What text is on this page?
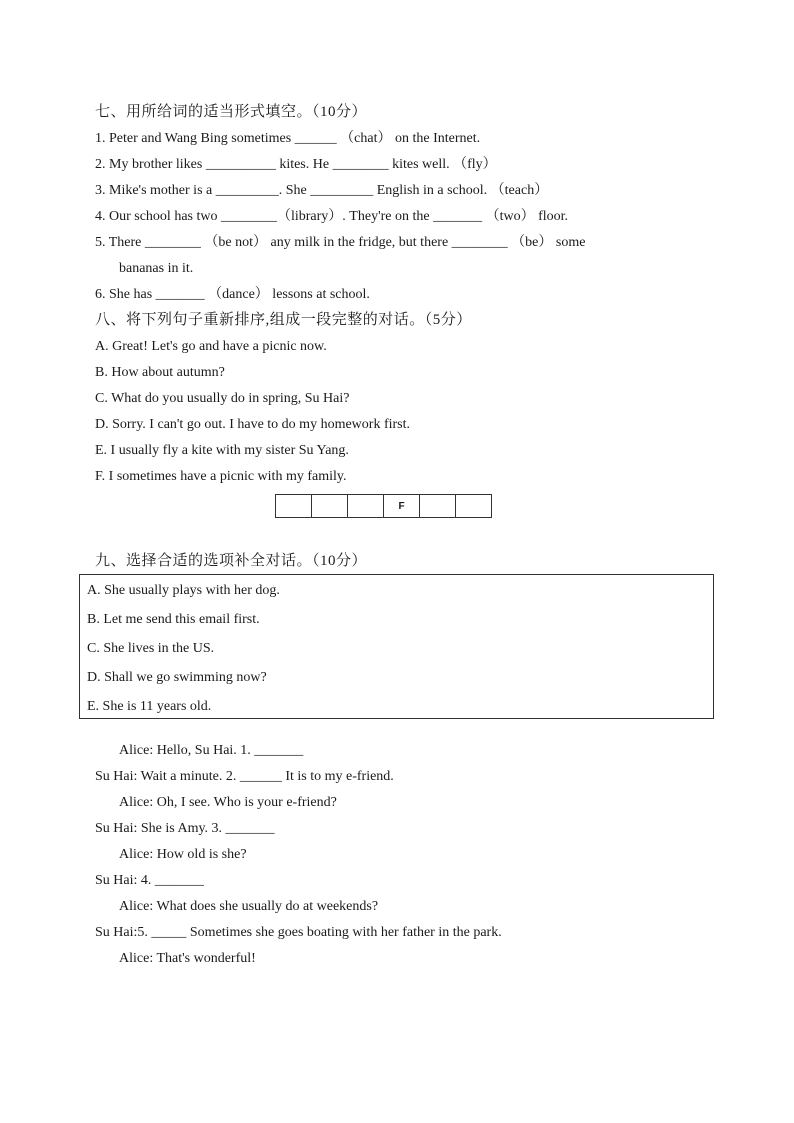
七、用所给词的适当形式填空。（10分）
1. Peter and Wang Bing sometimes ______ （chat） on the Internet.
2. My brother likes __________ kites. He ________ kites well. （fly）
3. Mike's mother is a _________. She _________ English in a school. （teach）
4. Our school has two ________（library）. They're on the _______ （two） floor.
5. There ________ （be not） any milk in the fridge, but there ________ （be） some
bananas in it.
6. She has _______ （dance） lessons at school.
八、将下列句子重新排序,组成一段完整的对话。（5分）
A. Great! Let's go and have a picnic now.
B. How about autumn?
C. What do you usually do in spring, Su Hai?
D. Sorry. I can't go out. I have to do my homework first.
E. I usually fly a kite with my sister Su Yang.
F. I sometimes have a picnic with my family.
F
九、选择合适的选项补全对话。（10分）
A. She usually plays with her dog.
B. Let me send this email first.
C. She lives in the US.
D. Shall we go swimming now?
E. She is 11 years old.
Alice: Hello, Su Hai. 1. _______
Su Hai: Wait a minute. 2. ______ It is to my e-friend.
Alice: Oh, I see. Who is your e-friend?
Su Hai: She is Amy. 3. _______
Alice: How old is she?
Su Hai: 4. _______
Alice: What does she usually do at weekends?
Su Hai:5. _____ Sometimes she goes boating with her father in the park.
Alice: That's wonderful!
